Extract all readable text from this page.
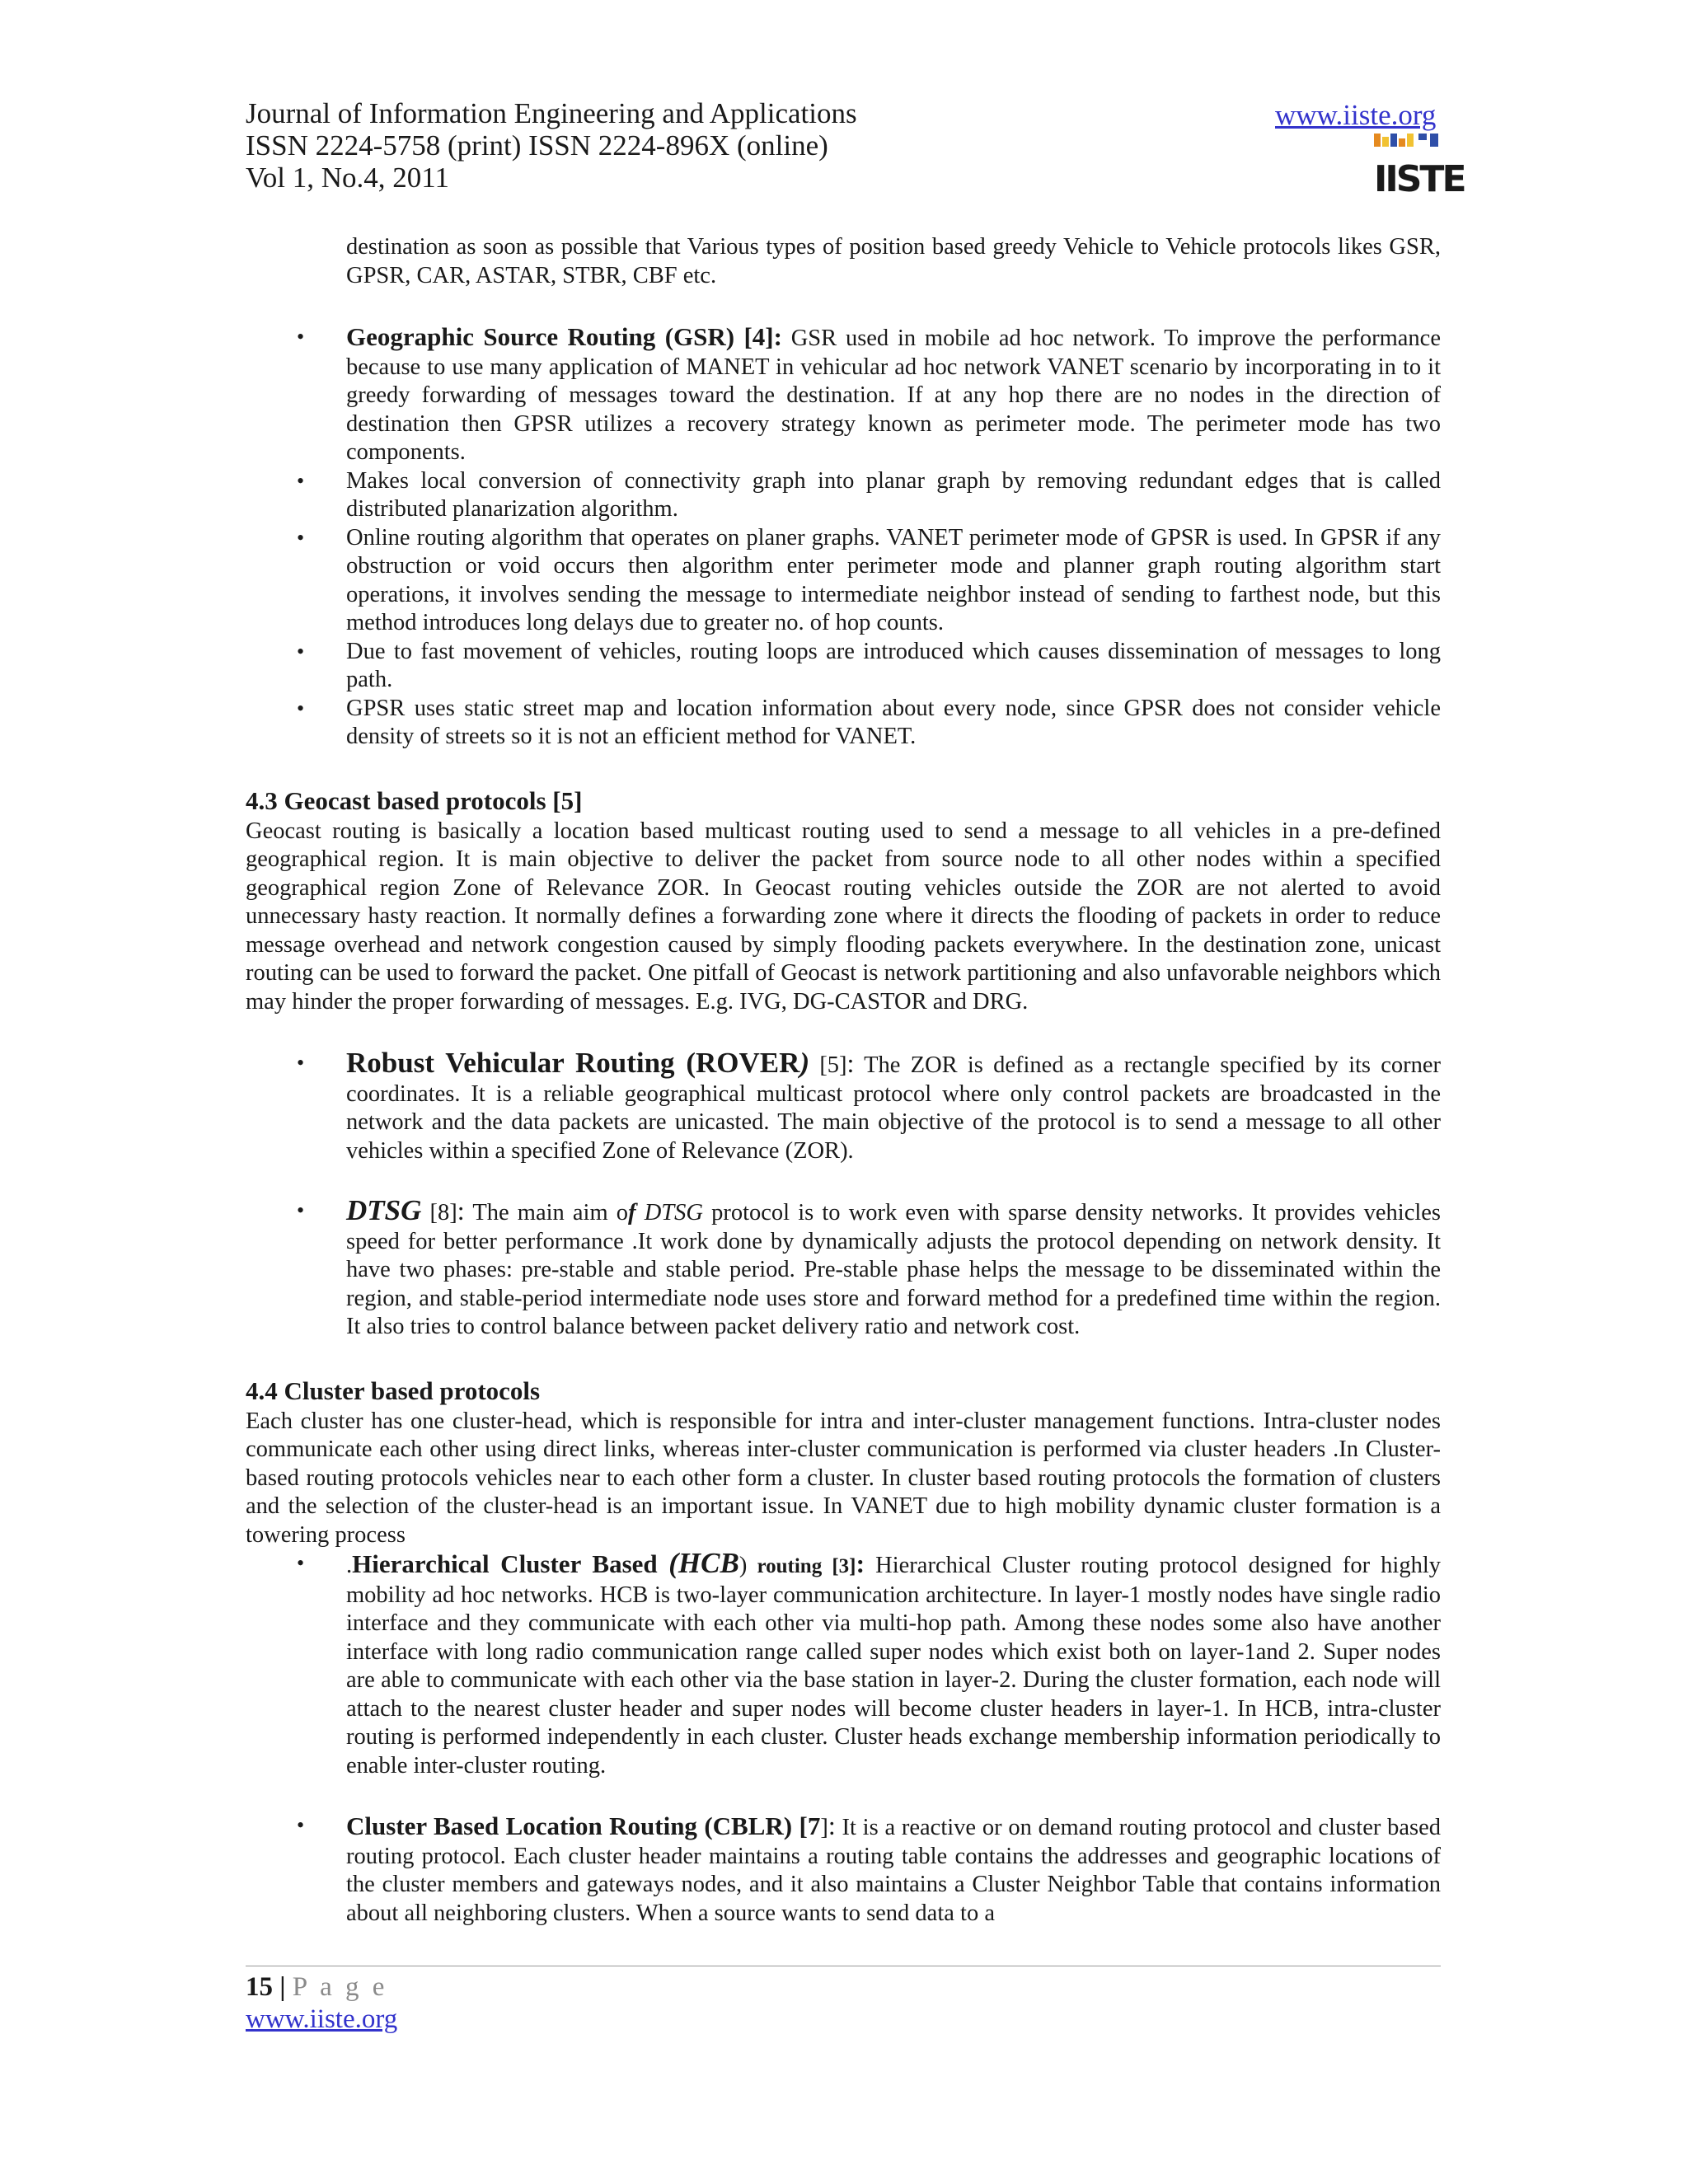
Journal of Information Engineering and Applications
ISSN 2224-5758 (print) ISSN 2224-896X (online)
Vol 1, No.4, 2011
www.iiste.org
IISTE

destination as soon as possible that Various types of position based greedy Vehicle to Vehicle protocols likes GSR, GPSR, CAR, ASTAR, STBR, CBF etc.

• Geographic Source Routing (GSR) [4]: GSR used in mobile ad hoc network. To improve the performance because to use many application of MANET in vehicular ad hoc network VANET scenario by incorporating in to it greedy forwarding of messages toward the destination. If at any hop there are no nodes in the direction of destination then GPSR utilizes a recovery strategy known as perimeter mode. The perimeter mode has two components.
• Makes local conversion of connectivity graph into planar graph by removing redundant edges that is called distributed planarization algorithm.
• Online routing algorithm that operates on planer graphs. VANET perimeter mode of GPSR is used. In GPSR if any obstruction or void occurs then algorithm enter perimeter mode and planner graph routing algorithm start operations, it involves sending the message to intermediate neighbor instead of sending to farthest node, but this method introduces long delays due to greater no. of hop counts.
• Due to fast movement of vehicles, routing loops are introduced which causes dissemination of messages to long path.
• GPSR uses static street map and location information about every node, since GPSR does not consider vehicle density of streets so it is not an efficient method for VANET.
4.3 Geocast based protocols [5]

Geocast routing is basically a location based multicast routing used to send a message to all vehicles in a pre-defined geographical region. It is main objective to deliver the packet from source node to all other nodes within a specified geographical region Zone of Relevance ZOR. In Geocast routing vehicles outside the ZOR are not alerted to avoid unnecessary hasty reaction. It normally defines a forwarding zone where it directs the flooding of packets in order to reduce message overhead and network congestion caused by simply flooding packets everywhere. In the destination zone, unicast routing can be used to forward the packet. One pitfall of Geocast is network partitioning and also unfavorable neighbors which may hinder the proper forwarding of messages. E.g. IVG, DG-CASTOR and DRG.

• Robust Vehicular Routing (ROVER) [5]: The ZOR is defined as a rectangle specified by its corner coordinates. It is a reliable geographical multicast protocol where only control packets are broadcasted in the network and the data packets are unicasted. The main objective of the protocol is to send a message to all other vehicles within a specified Zone of Relevance (ZOR).
• DTSG [8]: The main aim of DTSG protocol is to work even with sparse density networks. It provides vehicles speed for better performance .It work done by dynamically adjusts the protocol depending on network density. It have two phases: pre-stable and stable period. Pre-stable phase helps the message to be disseminated within the region, and stable-period intermediate node uses store and forward method for a predefined time within the region. It also tries to control balance between packet delivery ratio and network cost.
4.4 Cluster based protocols

Each cluster has one cluster-head, which is responsible for intra and inter-cluster management functions. Intra-cluster nodes communicate each other using direct links, whereas inter-cluster communication is performed via cluster headers .In Cluster-based routing protocols vehicles near to each other form a cluster. In cluster based routing protocols the formation of clusters and the selection of the cluster-head is an important issue. In VANET due to high mobility dynamic cluster formation is a towering process

• .Hierarchical Cluster Based (HCB) routing [3]: Hierarchical Cluster routing protocol designed for highly mobility ad hoc networks. HCB is two-layer communication architecture. In layer-1 mostly nodes have single radio interface and they communicate with each other via multi-hop path. Among these nodes some also have another interface with long radio communication range called super nodes which exist both on layer-1and 2. Super nodes are able to communicate with each other via the base station in layer-2. During the cluster formation, each node will attach to the nearest cluster header and super nodes will become cluster headers in layer-1. In HCB, intra-cluster routing is performed independently in each cluster. Cluster heads exchange membership information periodically to enable inter-cluster routing.
• Cluster Based Location Routing (CBLR) [7]: It is a reactive or on demand routing protocol and cluster based routing protocol. Each cluster header maintains a routing table contains the addresses and geographic locations of the cluster members and gateways nodes, and it also maintains a Cluster Neighbor Table that contains information about all neighboring clusters. When a source wants to send data to a
15 | P a g e
www.iiste.org
